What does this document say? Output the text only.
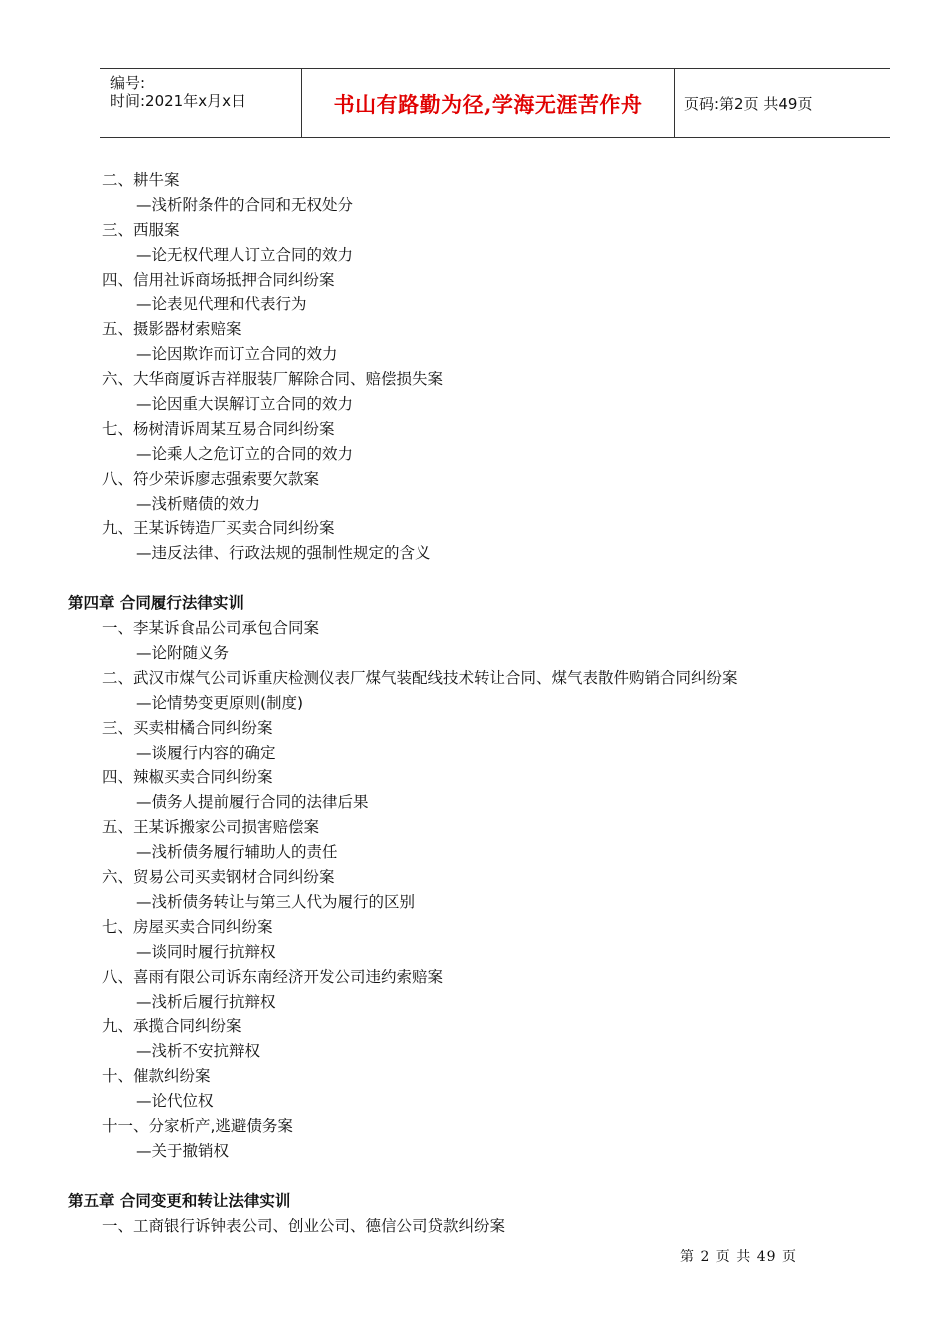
编号:
时间:2021年x月x日	书山有路勤为径,学海无涯苦作舟	页码:第2页 共49页
二、耕牛案
—浅析附条件的合同和无权处分
三、西服案
—论无权代理人订立合同的效力
四、信用社诉商场抵押合同纠纷案
—论表见代理和代表行为
五、摄影器材索赔案
—论因欺诈而订立合同的效力
六、大华商厦诉吉祥服装厂解除合同、赔偿损失案
—论因重大误解订立合同的效力
七、杨树清诉周某互易合同纠纷案
—论乘人之危订立的合同的效力
八、符少荣诉廖志强索要欠款案
—浅析赌债的效力
九、王某诉铸造厂买卖合同纠纷案
—违反法律、行政法规的强制性规定的含义
第四章 合同履行法律实训
一、李某诉食品公司承包合同案
—论附随义务
二、武汉市煤气公司诉重庆检测仪表厂煤气装配线技术转让合同、煤气表散件购销合同纠纷案
—论情势变更原则(制度)
三、买卖柑橘合同纠纷案
—谈履行内容的确定
四、辣椒买卖合同纠纷案
—债务人提前履行合同的法律后果
五、王某诉搬家公司损害赔偿案
—浅析债务履行辅助人的责任
六、贸易公司买卖钢材合同纠纷案
—浅析债务转让与第三人代为履行的区别
七、房屋买卖合同纠纷案
—谈同时履行抗辩权
八、喜雨有限公司诉东南经济开发公司违约索赔案
—浅析后履行抗辩权
九、承揽合同纠纷案
—浅析不安抗辩权
十、催款纠纷案
—论代位权
十一、分家析产,逃避债务案
—关于撤销权
第五章 合同变更和转让法律实训
一、工商银行诉钟表公司、创业公司、德信公司贷款纠纷案
第 2 页 共 49 页
